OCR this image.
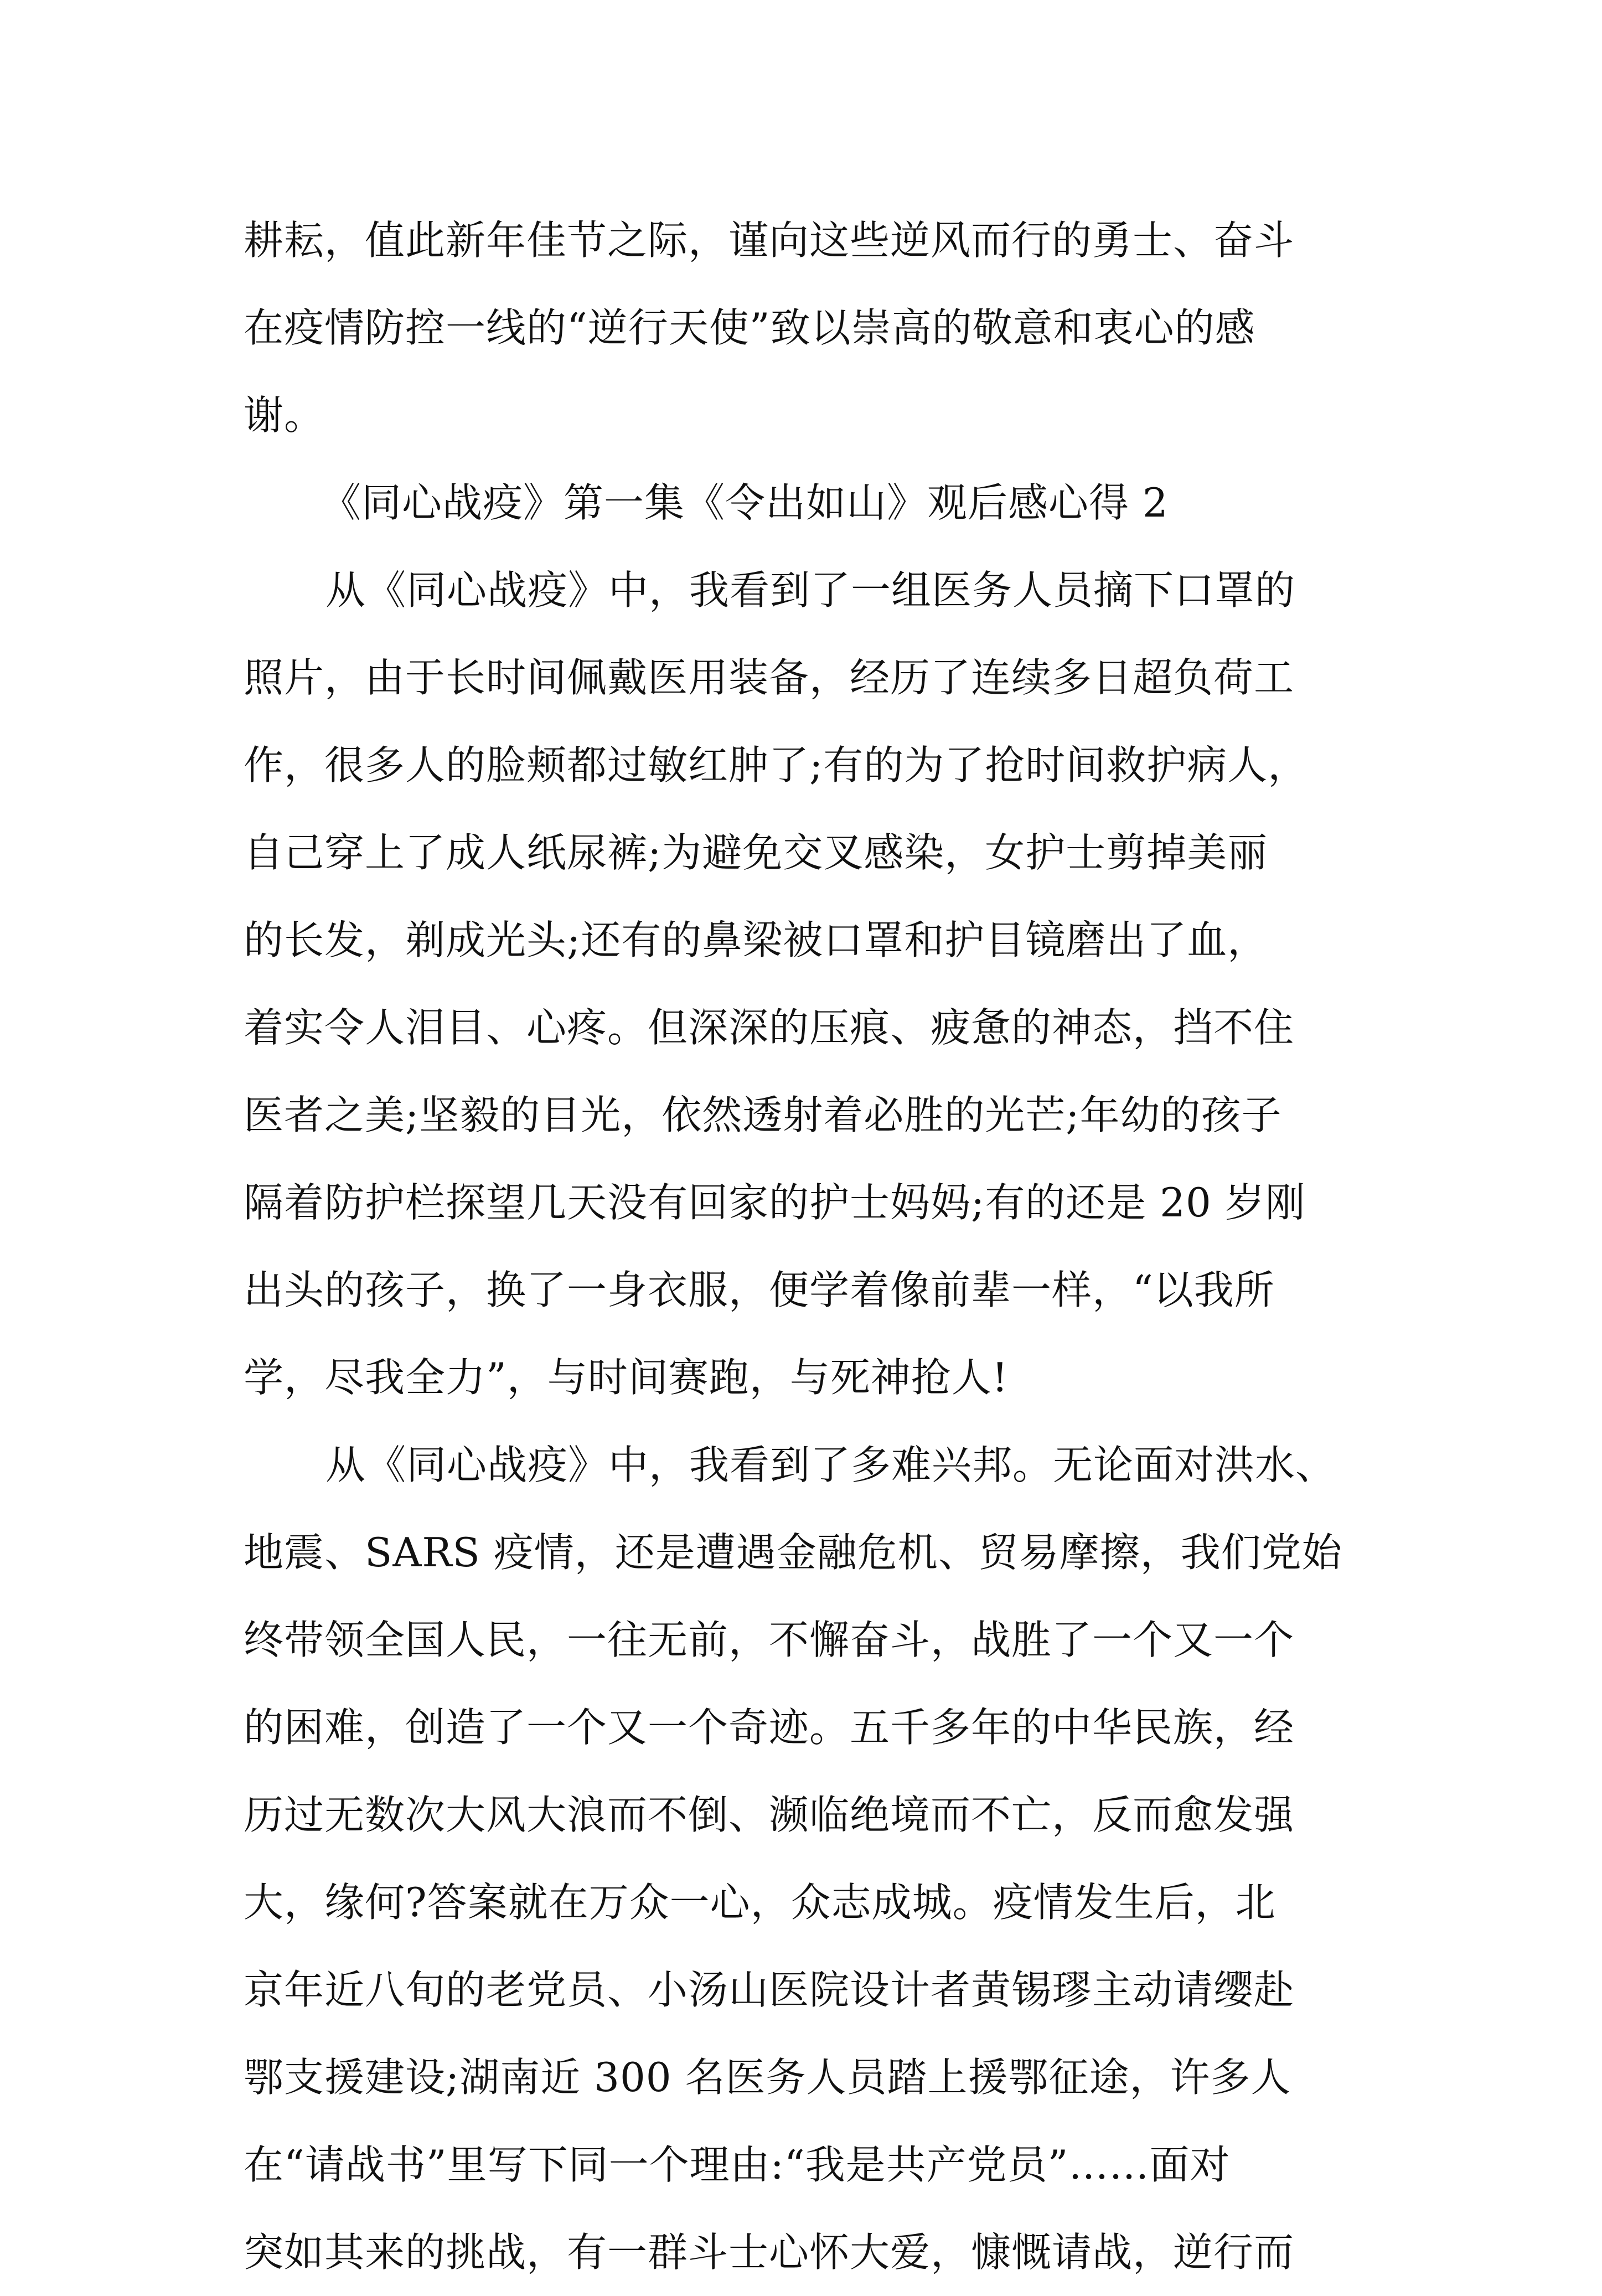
耕耘，值此新年佳节之际，谨向这些逆风而行的勇士、奋斗
在疫情防控一线的“逆行天使”致以崇高的敬意和衷心的感
谢。
《同心战疫》第一集《令出如山》观后感心得 2
从《同心战疫》中，我看到了一组医务人员摘下口罩的
照片，由于长时间佩戴医用装备，经历了连续多日超负荷工
作，很多人的脸颊都过敏红肿了;有的为了抢时间救护病人，
自己穿上了成人纸尿裤;为避免交叉感染，女护士剪掉美丽
的长发，剃成光头;还有的鼻梁被口罩和护目镜磨出了血，
着实令人泪目、心疼。但深深的压痕、疲惫的神态，挡不住
医者之美;坚毅的目光，依然透射着必胜的光芒;年幼的孩子
隔着防护栏探望几天没有回家的护士妈妈;有的还是 20 岁刚
出头的孩子，换了一身衣服，便学着像前辈一样，“以我所
学，尽我全力”，与时间赛跑，与死神抢人!
从《同心战疫》中，我看到了多难兴邦。无论面对洪水、
地震、SARS 疫情，还是遭遇金融危机、贸易摩擦，我们党始
终带领全国人民，一往无前，不懈奋斗，战胜了一个又一个
的困难，创造了一个又一个奇迹。五千多年的中华民族，经
历过无数次大风大浪而不倒、濒临绝境而不亡，反而愈发强
大，缘何?答案就在万众一心，众志成城。疫情发生后，北
京年近八旬的老党员、小汤山医院设计者黄锡璆主动请缨赴
鄂支援建设;湖南近 300 名医务人员踏上援鄂征途，许多人
在“请战书”里写下同一个理由:“我是共产党员”……面对
突如其来的挑战，有一群斗士心怀大爱，慷慨请战，逆行而
